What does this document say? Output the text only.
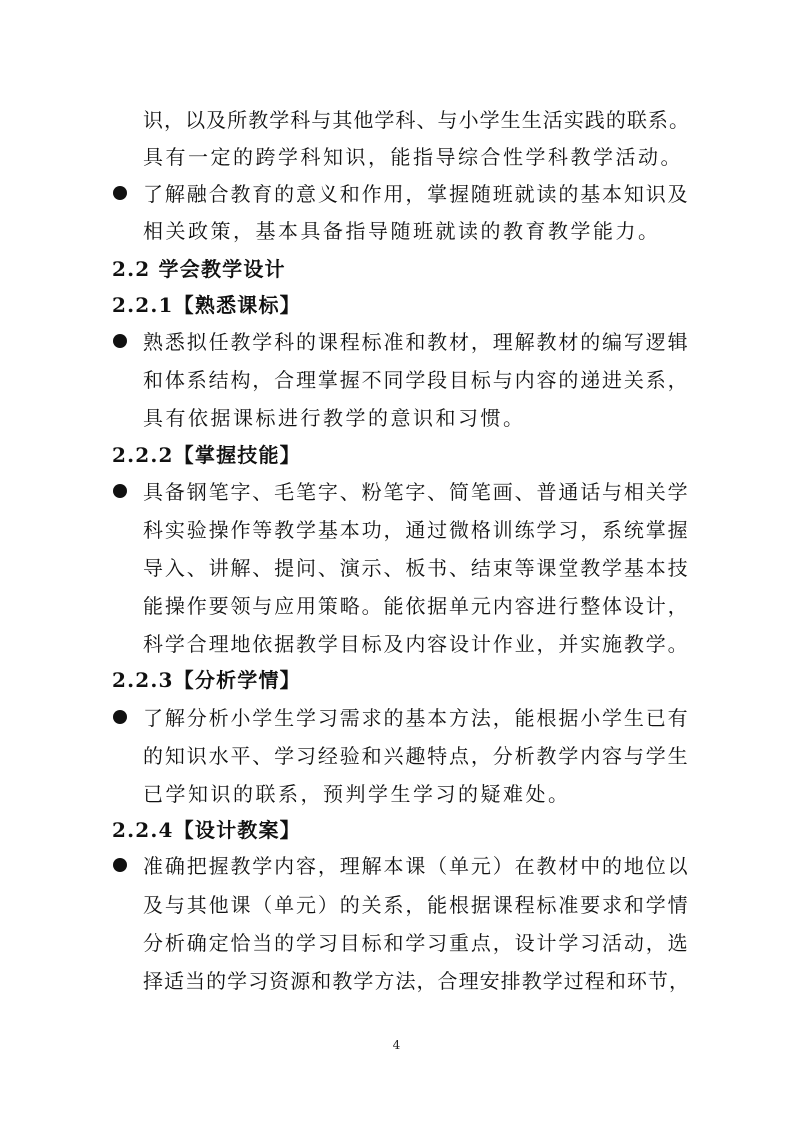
识，以及所教学科与其他学科、与小学生生活实践的联系。
具有一定的跨学科知识，能指导综合性学科教学活动。
了解融合教育的意义和作用，掌握随班就读的基本知识及
相关政策，基本具备指导随班就读的教育教学能力。
2.2 学会教学设计
2.2.1【熟悉课标】
熟悉拟任教学科的课程标准和教材，理解教材的编写逻辑
和体系结构，合理掌握不同学段目标与内容的递进关系，
具有依据课标进行教学的意识和习惯。
2.2.2【掌握技能】
具备钢笔字、毛笔字、粉笔字、简笔画、普通话与相关学
科实验操作等教学基本功，通过微格训练学习，系统掌握
导入、讲解、提问、演示、板书、结束等课堂教学基本技
能操作要领与应用策略。能依据单元内容进行整体设计，
科学合理地依据教学目标及内容设计作业，并实施教学。
2.2.3【分析学情】
了解分析小学生学习需求的基本方法，能根据小学生已有
的知识水平、学习经验和兴趣特点，分析教学内容与学生
已学知识的联系，预判学生学习的疑难处。
2.2.4【设计教案】
准确把握教学内容，理解本课（单元）在教材中的地位以
及与其他课（单元）的关系，能根据课程标准要求和学情
分析确定恰当的学习目标和学习重点，设计学习活动，选
择适当的学习资源和教学方法，合理安排教学过程和环节，
4
